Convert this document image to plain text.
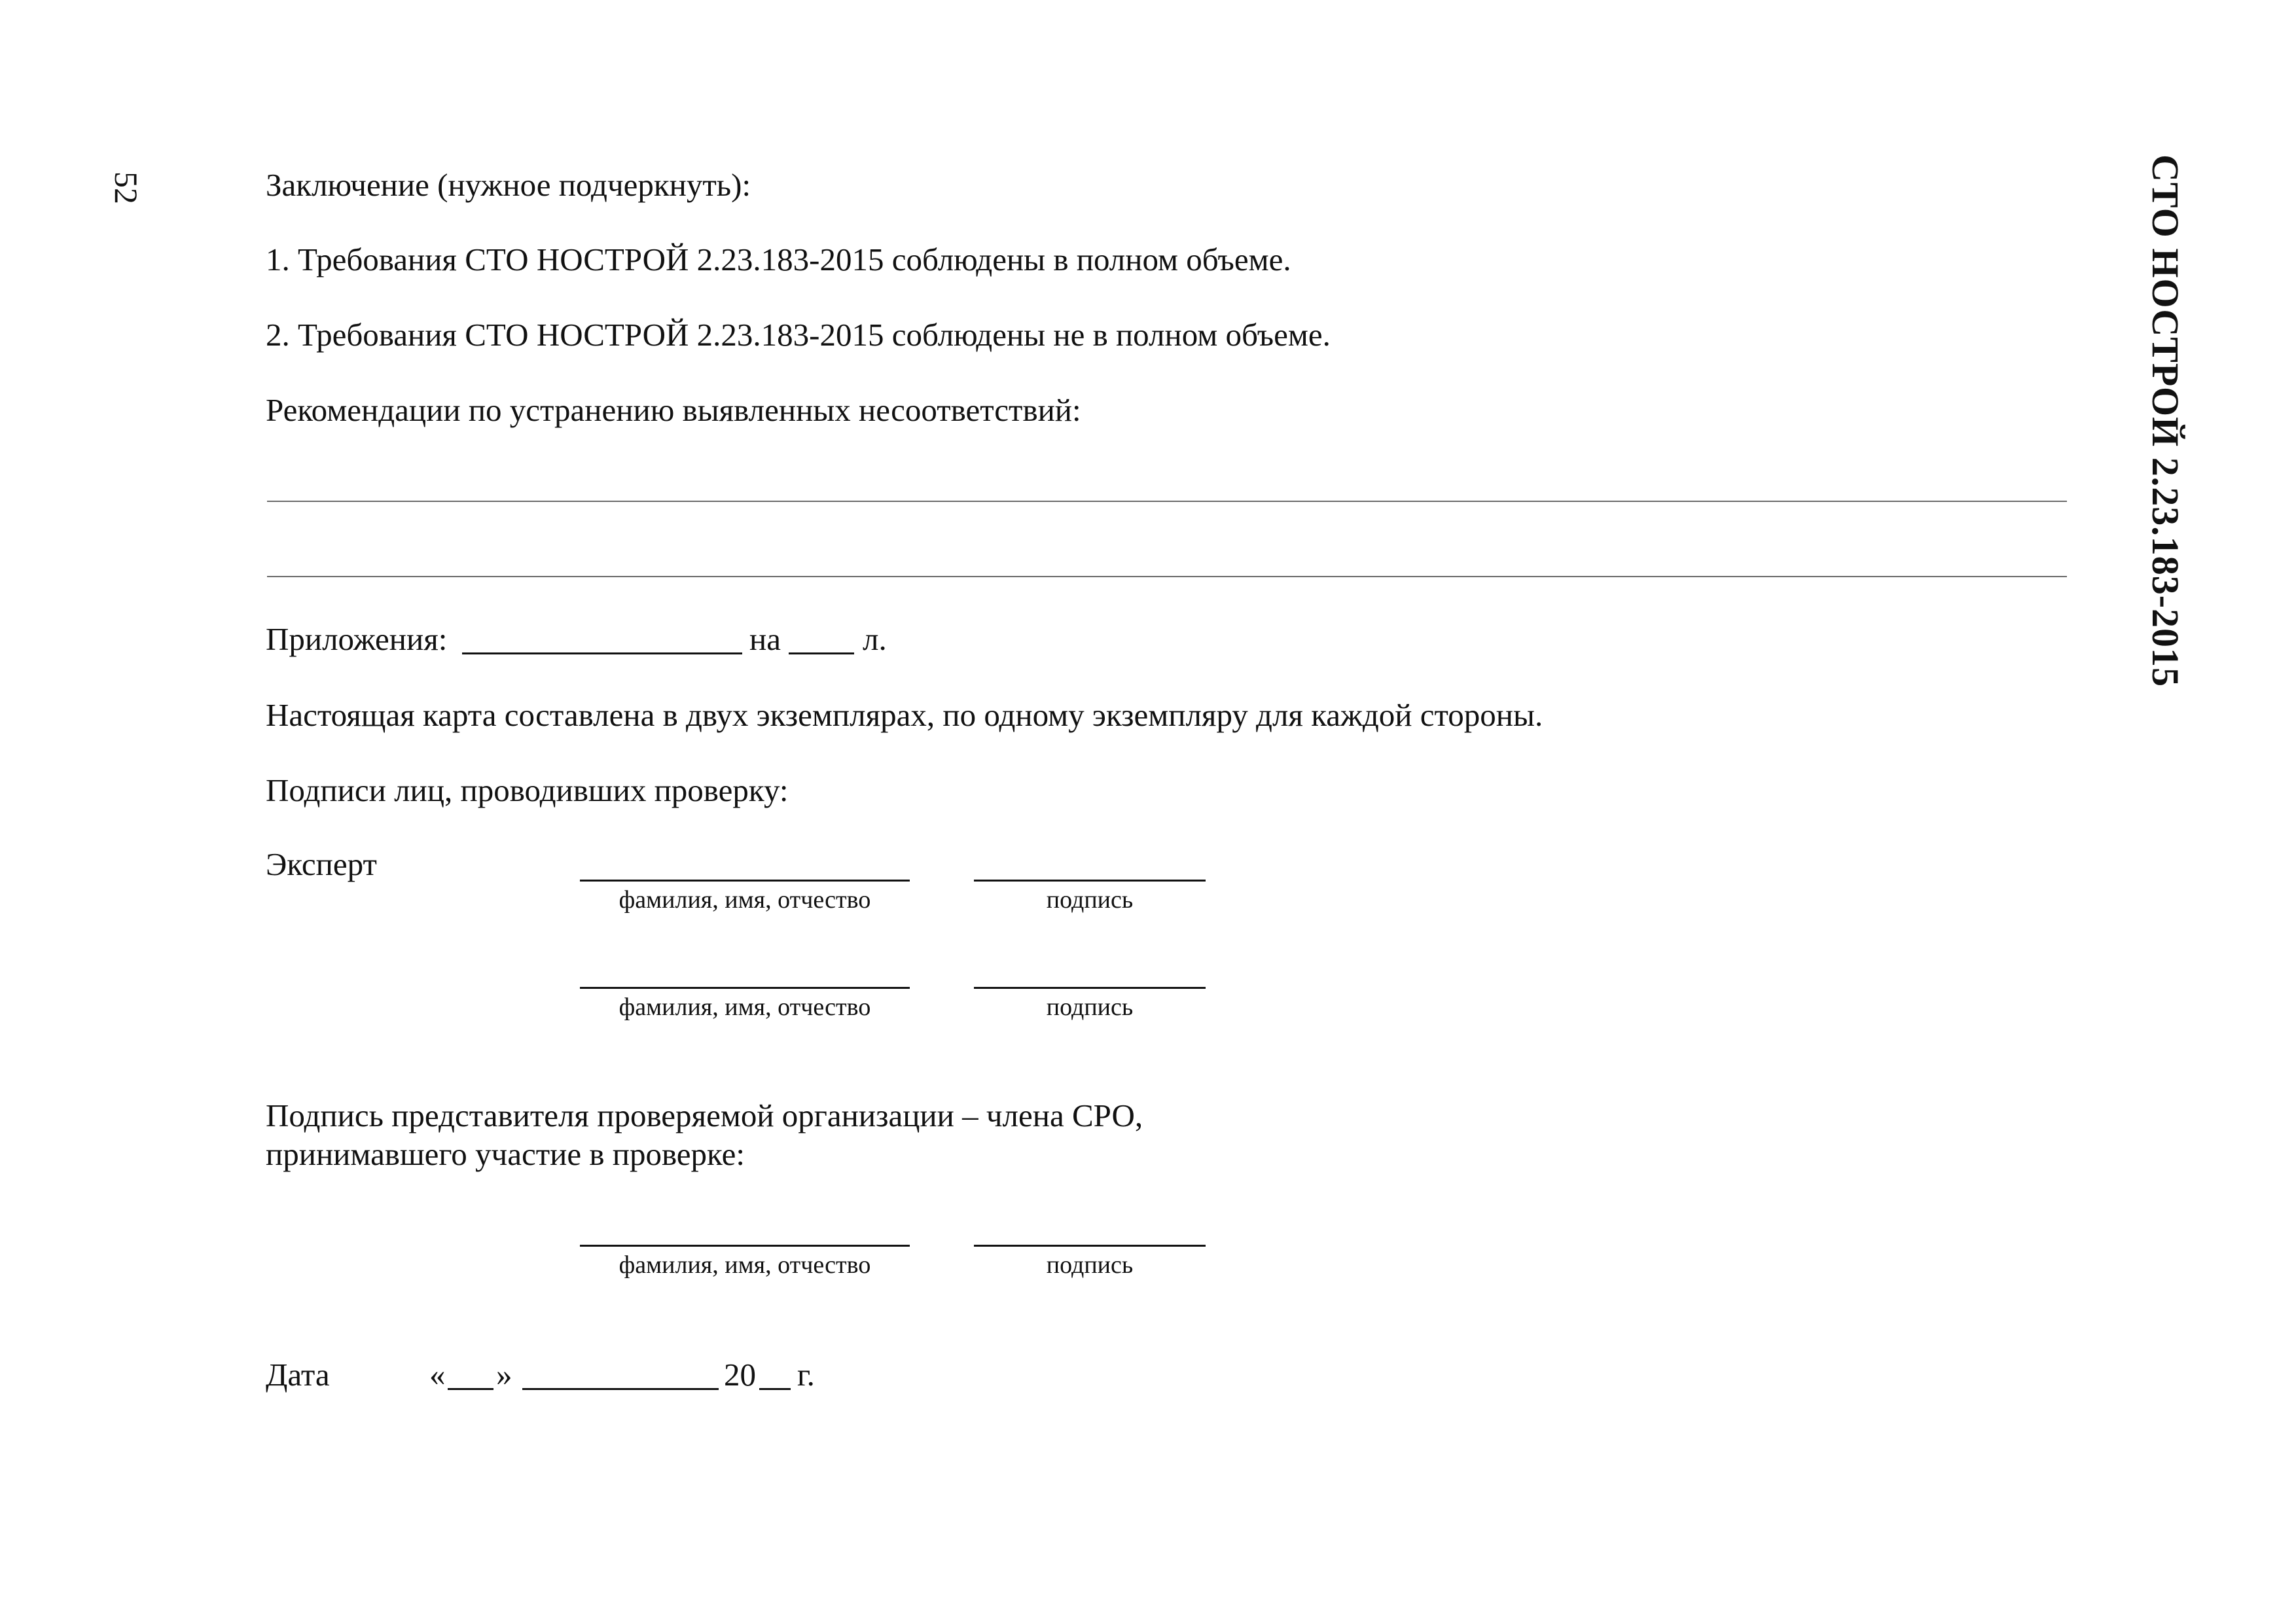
52	СТО НОСТРОЙ 2.23.183-2015
Заключение (нужное подчеркнуть):
1. Требования СТО НОСТРОЙ 2.23.183-2015 соблюдены в полном объеме.
2. Требования СТО НОСТРОЙ 2.23.183-2015 соблюдены не в полном объеме.
Рекомендации по устранению выявленных несоответствий:
Приложения:	на	л.
Настоящая карта составлена в двух экземплярах, по одному экземпляру для каждой стороны.
Подписи лиц, проводивших проверку:
Эксперт
фамилия, имя, отчество	подпись
фамилия, имя, отчество	подпись
Подпись представителя проверяемой организации – члена СРО,
принимавшего участие в проверке:
фамилия, имя, отчество	подпись
Дата	« »	20 г.
